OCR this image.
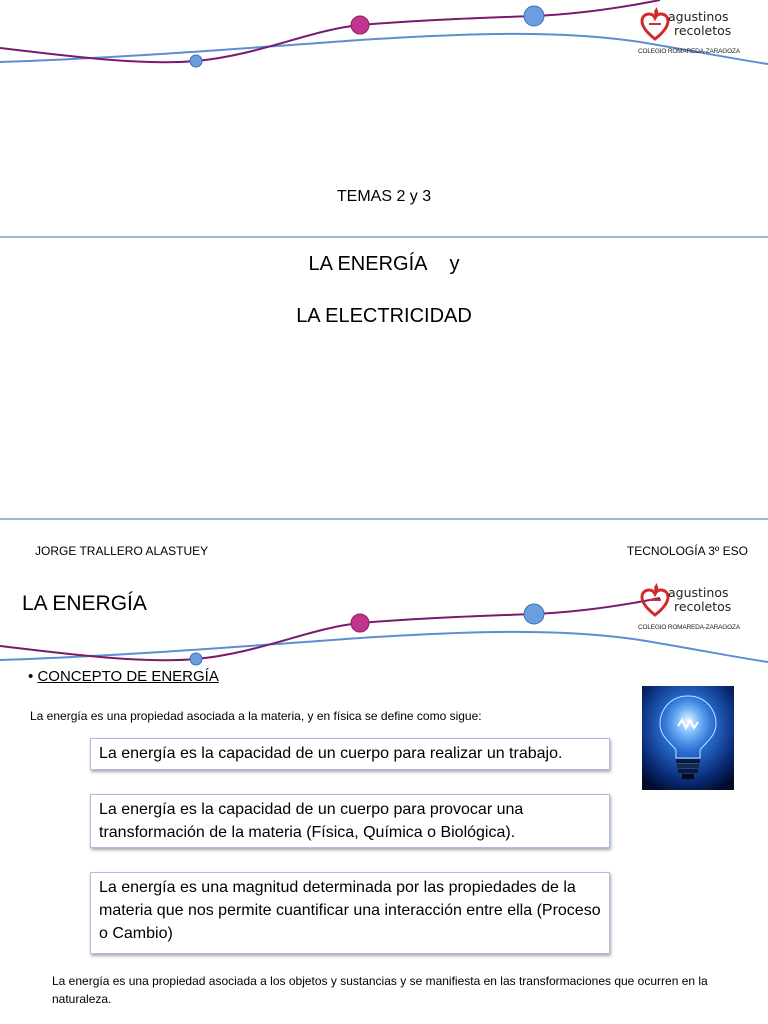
agustinos
recoletos
COLEGIO ROMAREDA-ZARAGOZA
TEMAS 2 y 3
LA ENERGÍA y
LA ELECTRICIDAD
JORGE TRALLERO ALASTUEY	TECNOLOGÍA 3º ESO
agustinos
recoletos
COLEGIO ROMAREDA-ZARAGOZA
LA ENERGÍA
• CONCEPTO DE ENERGÍA
La energía es una propiedad asociada a la materia, y en física se define como sigue:
La energía es la capacidad de un cuerpo para realizar un trabajo.
La energía es la capacidad de un cuerpo para provocar una transformación de la materia (Física, Química o Biológica).
La energía es una magnitud determinada por las propiedades de la materia que nos permite cuantificar una interacción entre ella (Proceso o Cambio)
La energía es una propiedad asociada a los objetos y sustancias y se manifiesta en las transformaciones que ocurren en la naturaleza.
